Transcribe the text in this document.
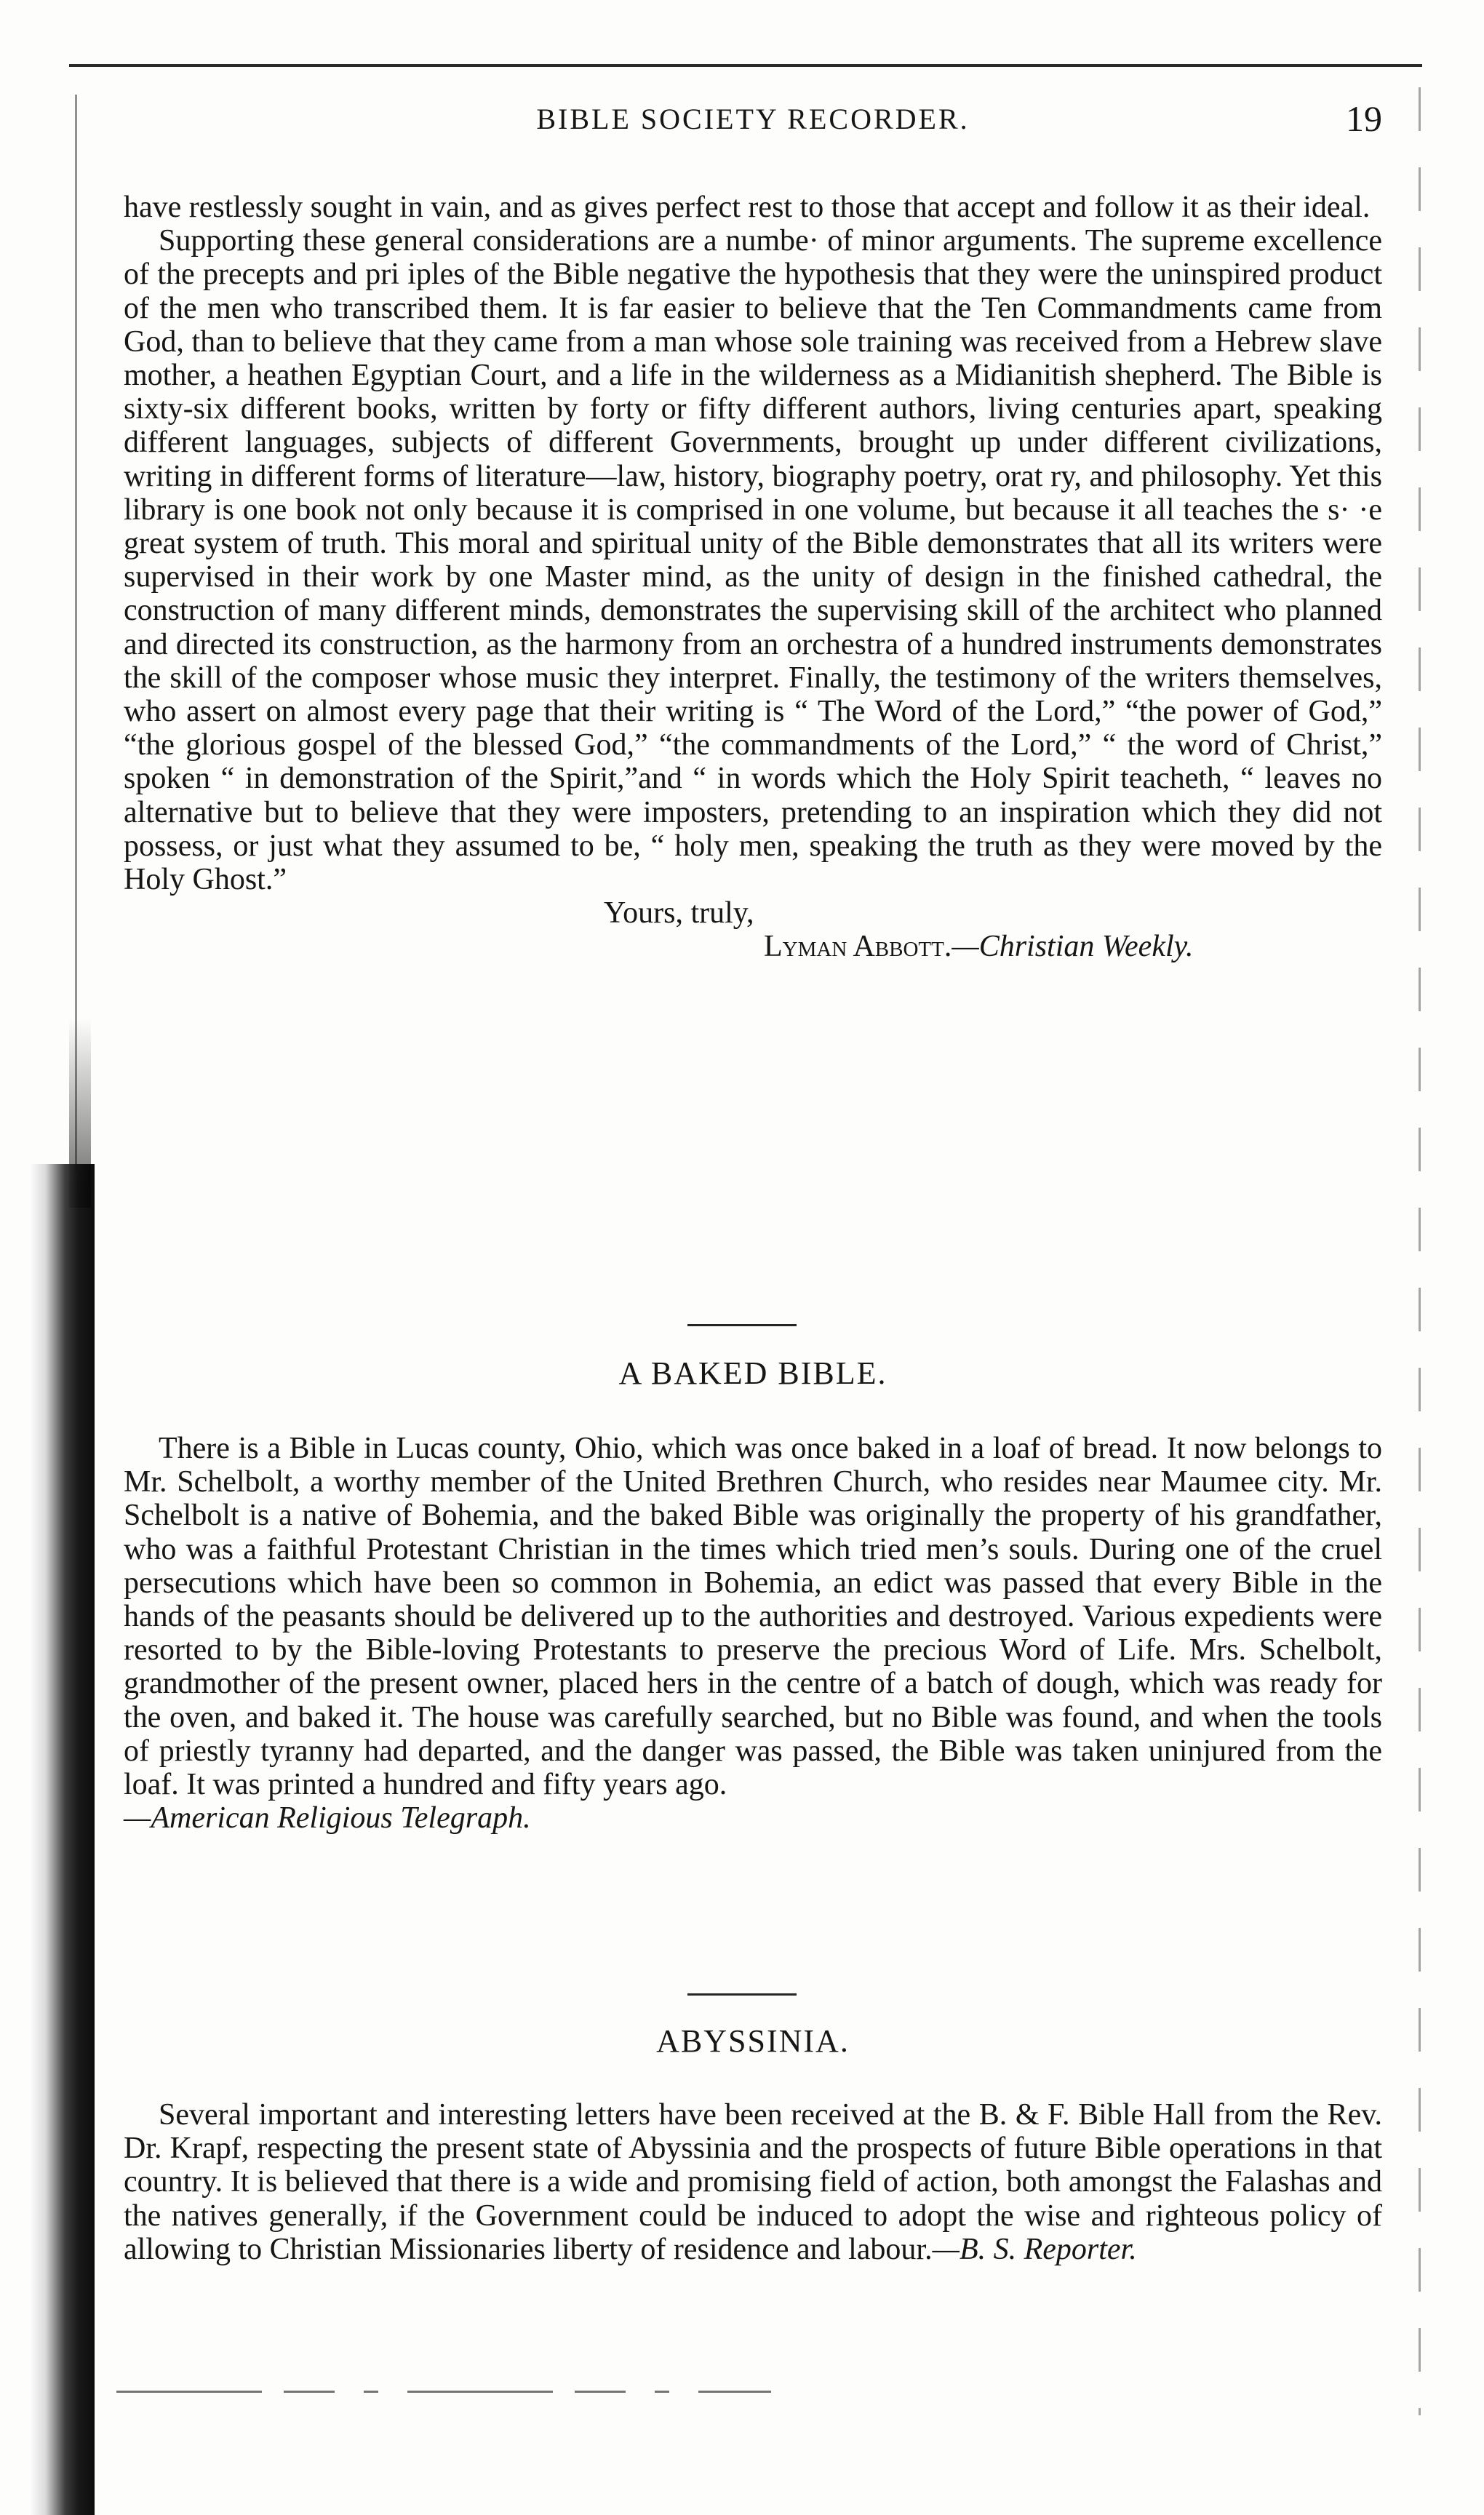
BIBLE SOCIETY RECORDER.	19

have restlessly sought in vain, and as gives perfect rest to those that accept and follow it as their ideal.

Supporting these general considerations are a numbe· of minor arguments. The supreme excellence of the precepts and pri iples of the Bible negative the hypothesis that they were the uninspired product of the men who transcribed them. It is far easier to believe that the Ten Commandments came from God, than to believe that they came from a man whose sole training was received from a Hebrew slave mother, a heathen Egyptian Court, and a life in the wilderness as a Midianitish shepherd. The Bible is sixty-six different books, written by forty or fifty different authors, living centuries apart, speaking different languages, subjects of different Governments, brought up under different civilizations, writing in different forms of literature—law, history, biography poetry, orat ry, and philosophy. Yet this library is one book not only because it is comprised in one volume, but because it all teaches the s· ·e great system of truth. This moral and spiritual unity of the Bible demonstrates that all its writers were supervised in their work by one Master mind, as the unity of design in the finished cathedral, the construction of many different minds, demonstrates the supervising skill of the architect who planned and directed its construction, as the harmony from an orchestra of a hundred instruments demonstrates the skill of the composer whose music they interpret. Finally, the testimony of the writers themselves, who assert on almost every page that their writing is “ The Word of the Lord,” “the power of God,” “the glorious gospel of the blessed God,” “the commandments of the Lord,” “ the word of Christ,” spoken “ in demonstration of the Spirit,”and “ in words which the Holy Spirit teacheth, “ leaves no alternative but to believe that they were imposters, pretending to an inspiration which they did not possess, or just what they assumed to be, “ holy men, speaking the truth as they were moved by the Holy Ghost.”

Yours, truly,

Lyman Abbott.—Christian Weekly.

A BAKED BIBLE.

There is a Bible in Lucas county, Ohio, which was once baked in a loaf of bread. It now belongs to Mr. Schelbolt, a worthy member of the United Brethren Church, who resides near Maumee city. Mr. Schelbolt is a native of Bohemia, and the baked Bible was originally the property of his grandfather, who was a faithful Protestant Christian in the times which tried men’s souls. During one of the cruel persecutions which have been so common in Bohemia, an edict was passed that every Bible in the hands of the peasants should be delivered up to the authorities and destroyed. Various expedients were resorted to by the Bible-loving Protestants to preserve the precious Word of Life. Mrs. Schelbolt, grandmother of the present owner, placed hers in the centre of a batch of dough, which was ready for the oven, and baked it. The house was carefully searched, but no Bible was found, and when the tools of priestly tyranny had departed, and the danger was passed, the Bible was taken uninjured from the loaf. It was printed a hundred and fifty years ago.

—American Religious Telegraph.

ABYSSINIA.

Several important and interesting letters have been received at the B. & F. Bible Hall from the Rev. Dr. Krapf, respecting the present state of Abyssinia and the prospects of future Bible operations in that country. It is believed that there is a wide and promising field of action, both amongst the Falashas and the natives generally, if the Government could be induced to adopt the wise and righteous policy of allowing to Christian Missionaries liberty of residence and labour.—B. S. Reporter.
